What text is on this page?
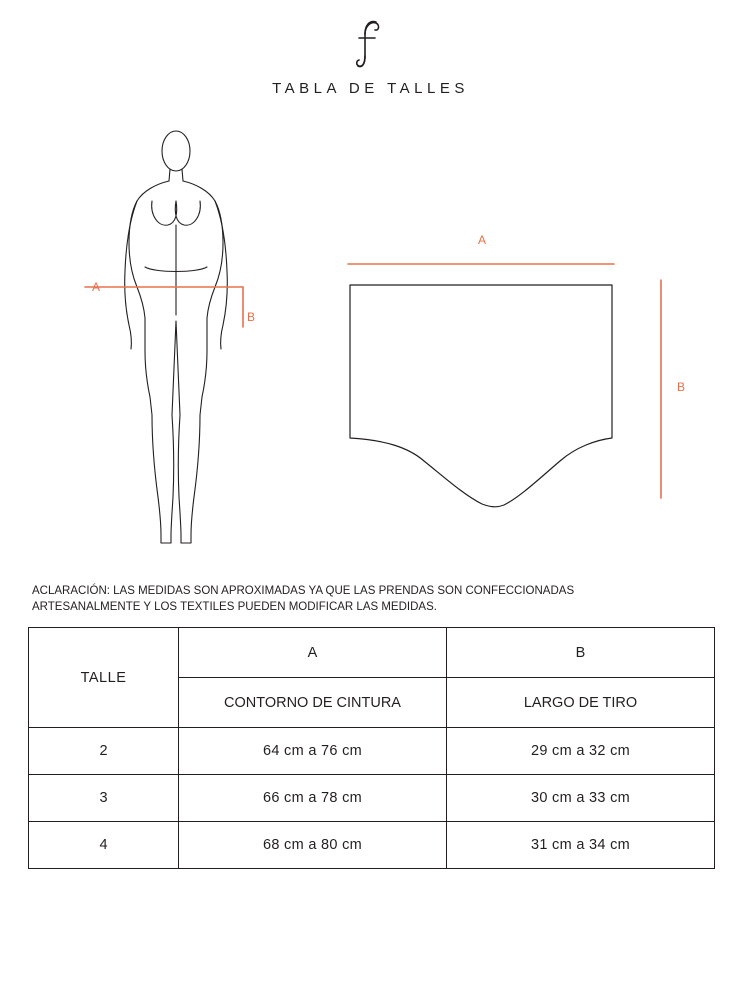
TABLA DE TALLES
A
B
A
B
ACLARACIÓN: LAS MEDIDAS SON APROXIMADAS YA QUE LAS PRENDAS SON CONFECCIONADAS
ARTESANALMENTE Y LOS TEXTILES PUEDEN MODIFICAR LAS MEDIDAS.
TALLE	A	B
	CONTORNO DE CINTURA	LARGO DE TIRO
2	64 cm a 76 cm	29 cm a 32 cm
3	66 cm a 78 cm	30 cm a 33 cm
4	68 cm a 80 cm	31 cm a 34 cm
